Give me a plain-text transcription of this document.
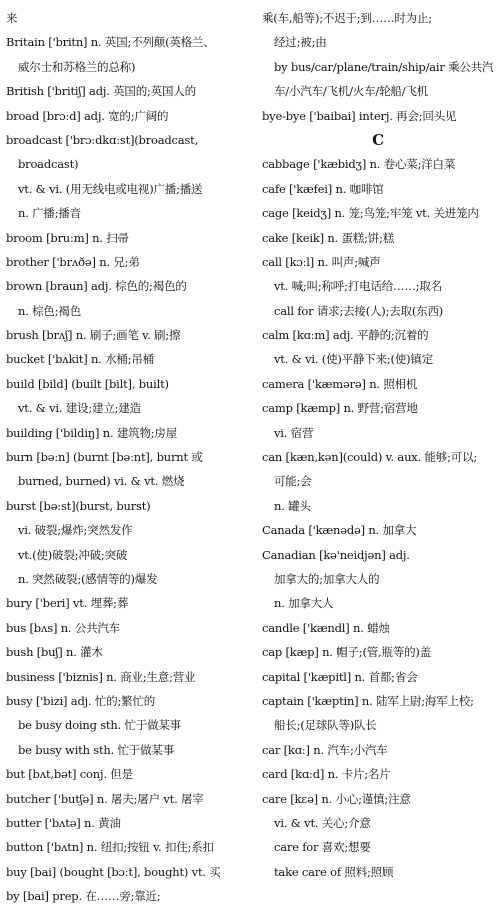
来
Britain ['britn] n. 英国;不列颠(英格兰、
威尔士和苏格兰的总称)
British ['britiʃ] adj. 英国的;英国人的
broad [brɔːd] adj. 宽的;广阔的
broadcast ['brɔːdkɑːst](broadcast,
broadcast)
vt. & vi. (用无线电或电视)广播;播送
n. 广播;播音
broom [bruːm] n. 扫帚
brother ['brʌðə] n. 兄;弟
brown [braun] adj. 棕色的;褐色的
n. 棕色;褐色
brush [brʌʃ] n. 刷子;画笔 v. 刷;擦
bucket ['bʌkit] n. 水桶;吊桶
build [bild] (built [bilt], built)
vt. & vi. 建设;建立;建造
building ['bildiŋ] n. 建筑物;房屋
burn [bəːn] (burnt [bəːnt], burnt 或
burned, burned) vi. & vt. 燃烧
burst [bəːst](burst, burst)
vi. 破裂;爆炸;突然发作
vt.(使)破裂;冲破;突破
n. 突然破裂;(感情等的)爆发
bury ['beri] vt. 埋葬;葬
bus [bʌs] n. 公共汽车
bush [buʃ] n. 灌木
business ['biznis] n. 商业;生意;营业
busy ['bizi] adj. 忙的;繁忙的
be busy doing sth. 忙于做某事
be busy with sth. 忙于做某事
but [bʌt,bət] conj. 但是
butcher ['butʃə] n. 屠夫;屠户 vt. 屠宰
butter ['bʌtə] n. 黄油
button ['bʌtn] n. 纽扣;按钮 v. 扣住;系扣
buy [bai] (bought [bɔːt], bought) vt. 买
by [bai] prep. 在……旁;靠近;
乘(车,船等);不迟于;到……时为止;
经过;被;由
by bus/car/plane/train/ship/air 乘公共汽
车/小汽车/飞机/火车/轮船/飞机
bye-bye ['baibai] interj. 再会;回头见
C
cabbage ['kæbidʒ] n. 卷心菜;洋白菜
cafe ['kæfei] n. 咖啡馆
cage [keidʒ] n. 笼;鸟笼;牢笼 vt. 关进笼内
cake [keik] n. 蛋糕;饼;糕
call [kɔːl] n. 叫声;喊声
vt. 喊;叫;称呼;打电话给……;取名
call for 请求;去接(人);去取(东西)
calm [kɑːm] adj. 平静的;沉着的
vt. & vi. (使)平静下来;(使)镇定
camera ['kæmərə] n. 照相机
camp [kæmp] n. 野营;宿营地
vi. 宿营
can [kæn,kən](could) v. aux. 能够;可以;
可能;会
n. 罐头
Canada ['kænədə] n. 加拿大
Canadian [kə'neidjən] adj.
加拿大的;加拿大人的
n. 加拿大人
candle ['kændl] n. 蜡烛
cap [kæp] n. 帽子;(管,瓶等的)盖
capital ['kæpitl] n. 首都;省会
captain ['kæptin] n. 陆军上尉;海军上校;
船长;(足球队等)队长
car [kɑː] n. 汽车;小汽车
card [kɑːd] n. 卡片;名片
care [kɛə] n. 小心;谨慎;注意
vi. & vt. 关心;介意
care for 喜欢;想要
take care of 照料;照顾
